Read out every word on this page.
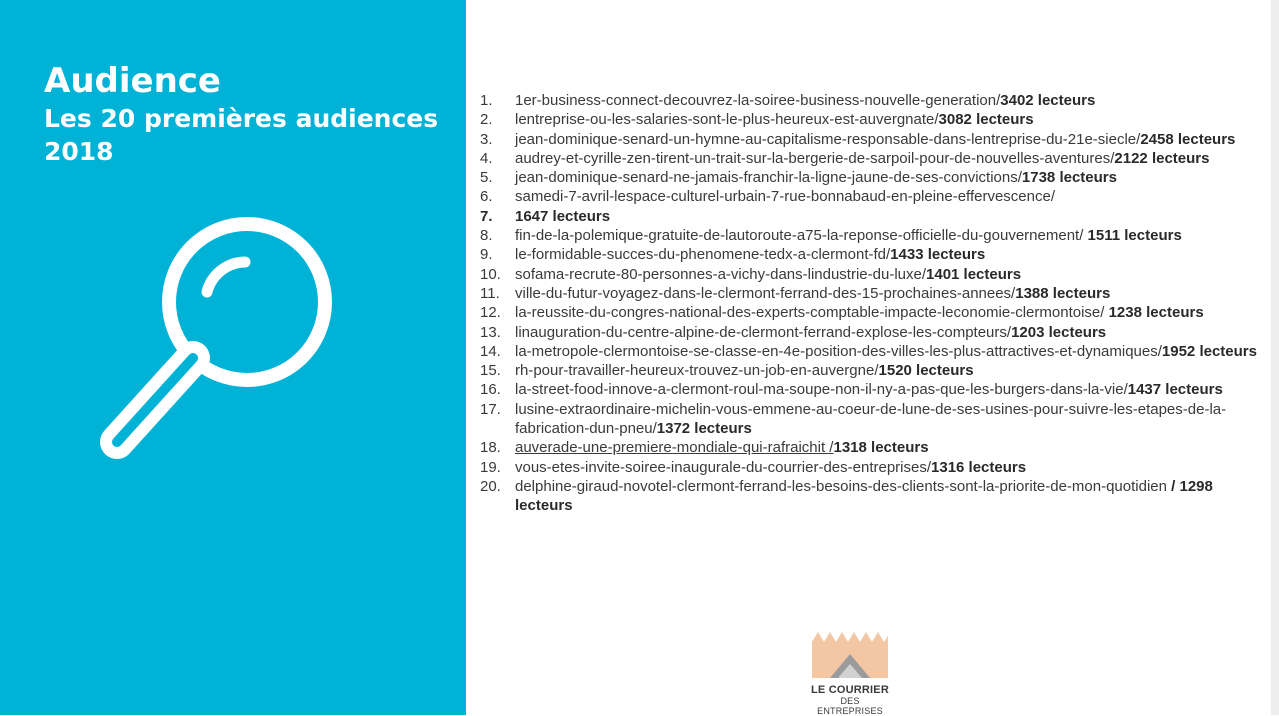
Audience
Les 20 premières audiences 2018
1.	1er-business-connect-decouvrez-la-soiree-business-nouvelle-generation/3402 lecteurs
2.	lentreprise-ou-les-salaries-sont-le-plus-heureux-est-auvergnate/3082 lecteurs
3.	jean-dominique-senard-un-hymne-au-capitalisme-responsable-dans-lentreprise-du-21e-siecle/2458 lecteurs
4.	audrey-et-cyrille-zen-tirent-un-trait-sur-la-bergerie-de-sarpoil-pour-de-nouvelles-aventures/2122 lecteurs
5.	jean-dominique-senard-ne-jamais-franchir-la-ligne-jaune-de-ses-convictions/1738 lecteurs
6.	samedi-7-avril-lespace-culturel-urbain-7-rue-bonnabaud-en-pleine-effervescence/
7.	1647 lecteurs
8.	fin-de-la-polemique-gratuite-de-lautoroute-a75-la-reponse-officielle-du-gouvernement/ 1511 lecteurs
9.	le-formidable-succes-du-phenomene-tedx-a-clermont-fd/1433 lecteurs
10. sofama-recrute-80-personnes-a-vichy-dans-lindustrie-du-luxe/1401 lecteurs
11.	ville-du-futur-voyagez-dans-le-clermont-ferrand-des-15-prochaines-annees/1388 lecteurs
12. la-reussite-du-congres-national-des-experts-comptable-impacte-leconomie-clermontoise/ 1238 lecteurs
13. linauguration-du-centre-alpine-de-clermont-ferrand-explose-les-compteurs/1203 lecteurs
14. la-metropole-clermontoise-se-classe-en-4e-position-des-villes-les-plus-attractives-et-dynamiques/1952 lecteurs
15. rh-pour-travailler-heureux-trouvez-un-job-en-auvergne/1520 lecteurs
16. la-street-food-innove-a-clermont-roul-ma-soupe-non-il-ny-a-pas-que-les-burgers-dans-la-vie/1437 lecteurs
17. lusine-extraordinaire-michelin-vous-emmene-au-coeur-de-lune-de-ses-usines-pour-suivre-les-etapes-de-la-fabrication-dun-pneu/1372 lecteurs
18. auverade-une-premiere-mondiale-qui-rafraichit /1318 lecteurs
19. vous-etes-invite-soiree-inaugurale-du-courrier-des-entreprises/1316 lecteurs
20. delphine-giraud-novotel-clermont-ferrand-les-besoins-des-clients-sont-la-priorite-de-mon-quotidien / 1298 lecteurs
LE COURRIER
DES ENTREPRISES
